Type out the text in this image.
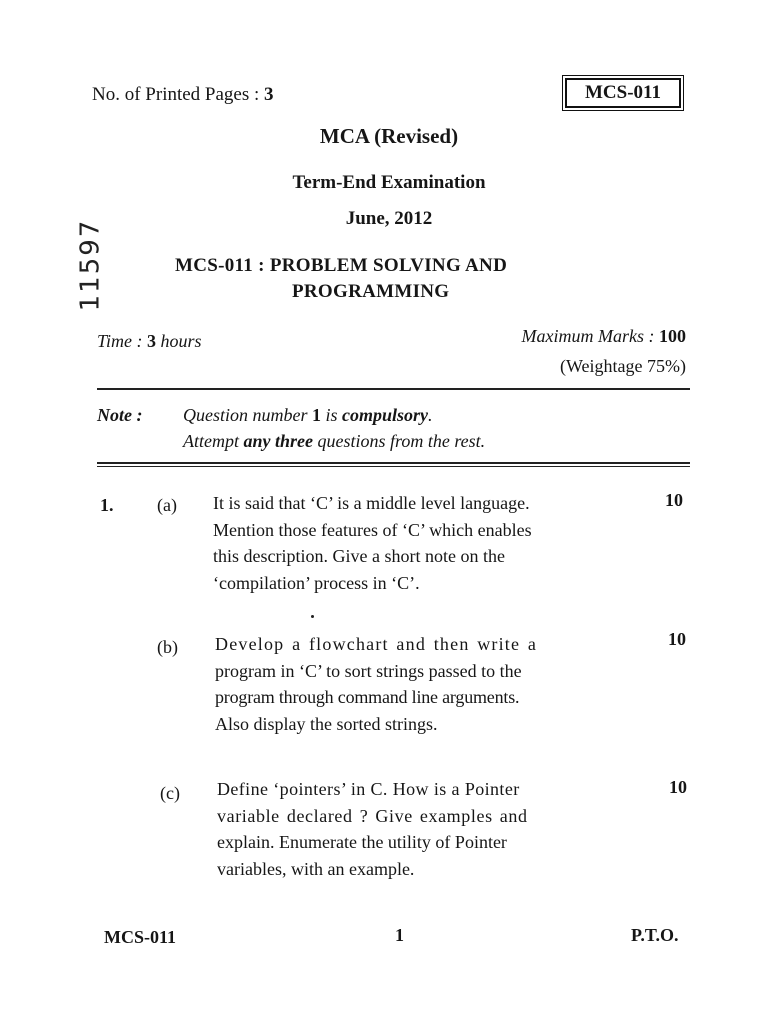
No. of Printed Pages : 3	MCS-011
11597
MCA (Revised)
Term-End Examination
June, 2012
MCS-011 : PROBLEM SOLVING AND
PROGRAMMING
Time : 3 hours	Maximum Marks : 100
(Weightage 75%)
Note : Question number 1 is compulsory.
Attempt any three questions from the rest.
1. (a) It is said that ‘C’ is a middle level language.
Mention those features of ‘C’ which enables
this description. Give a short note on the
‘compilation’ process in ‘C’.
10
(b) Develop a flowchart and then write a
program in ‘C’ to sort strings passed to the
program through command line arguments.
Also display the sorted strings.
10
(c) Define ‘pointers’ in C. How is a Pointer
variable declared ? Give examples and
explain. Enumerate the utility of Pointer
variables, with an example.
10
MCS-011	1	P.T.O.
